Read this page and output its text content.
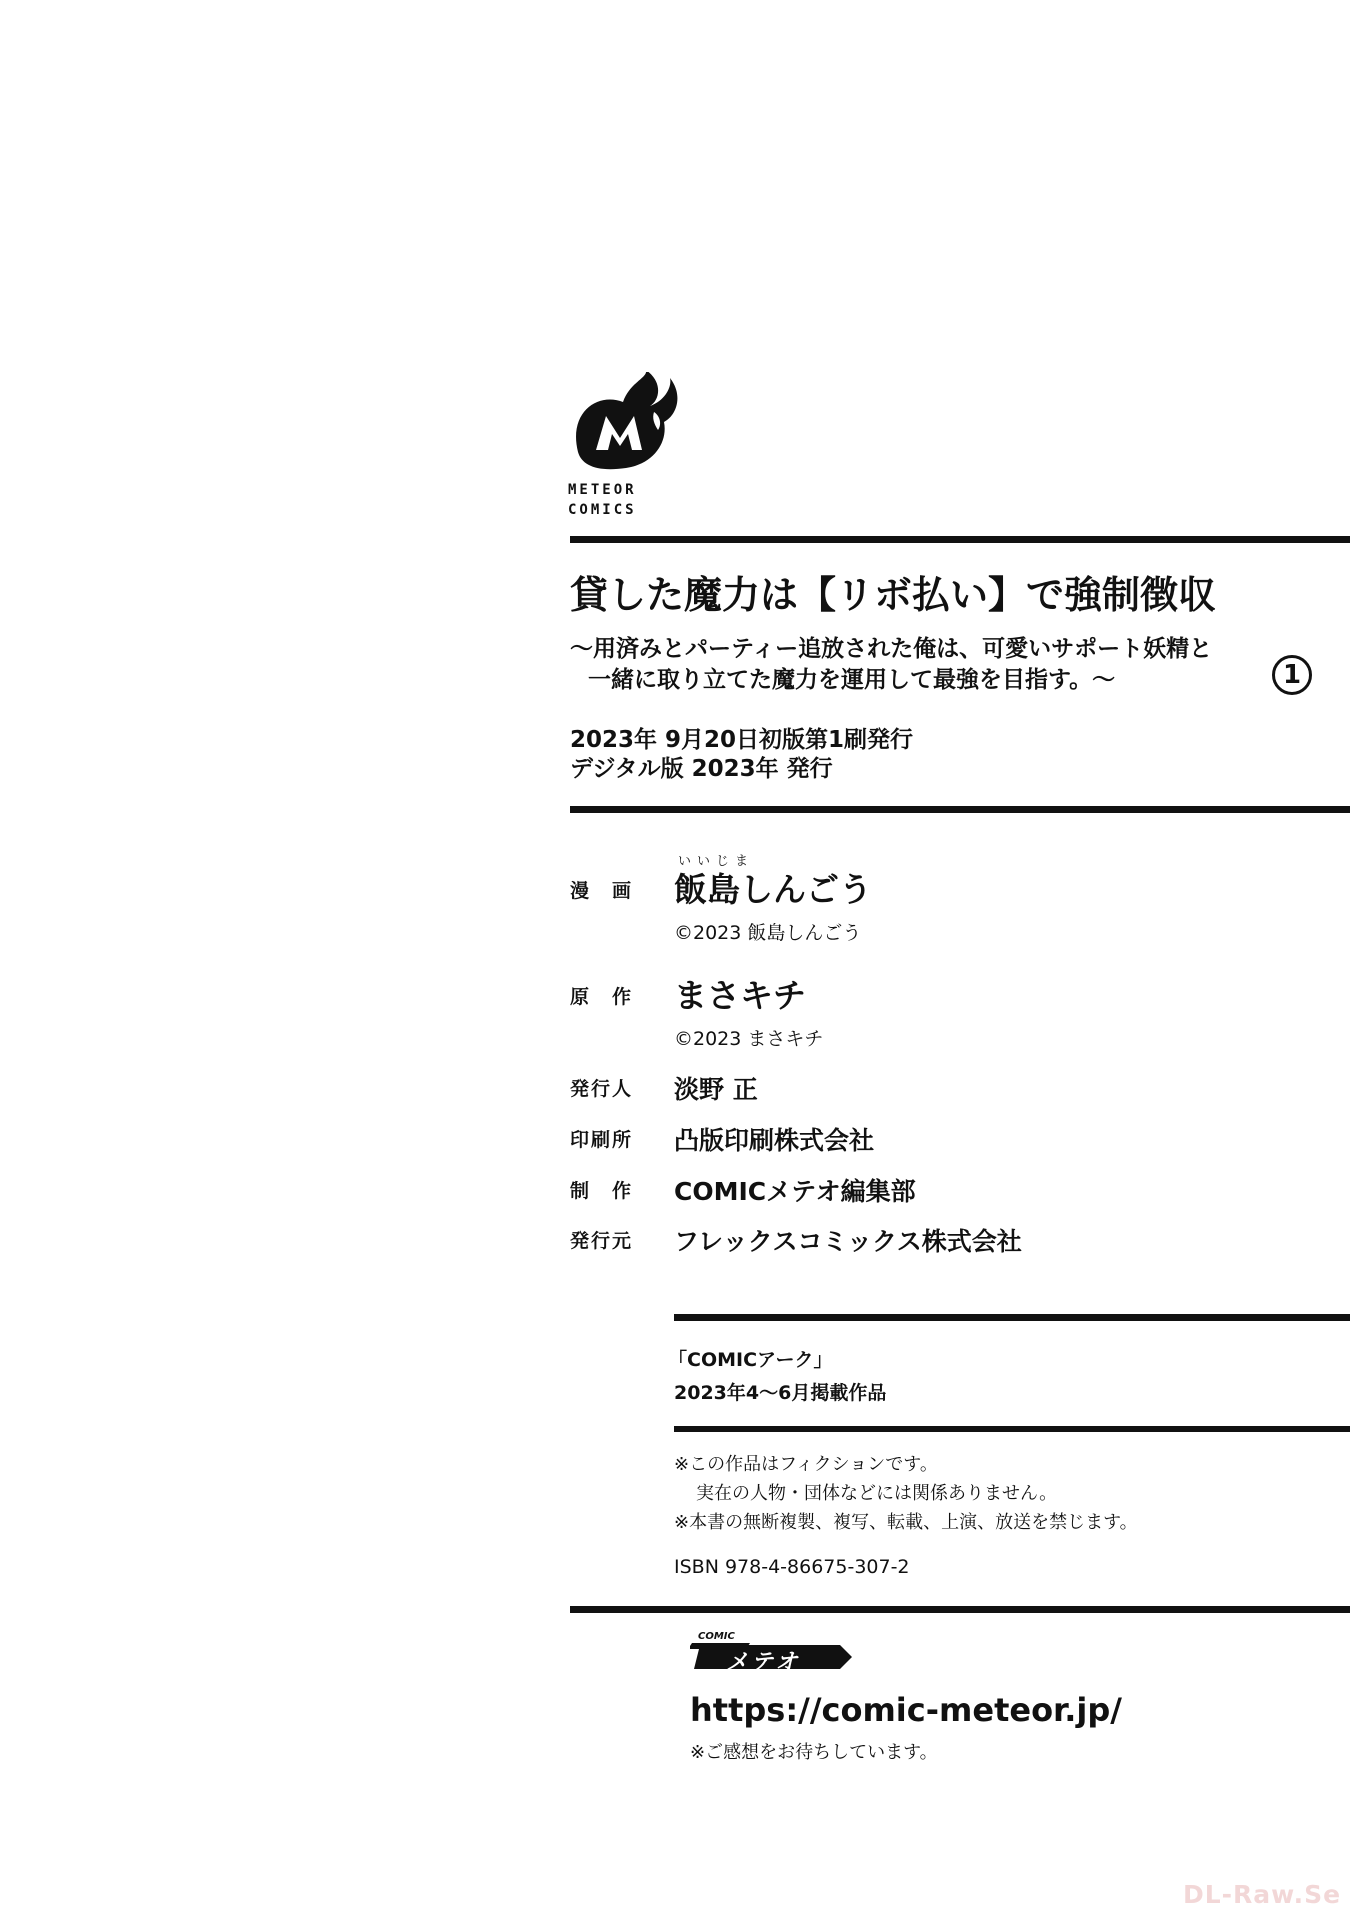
METEOR
COMICS
貸した魔力は【リボ払い】で強制徴収
～用済みとパーティー追放された俺は、可愛いサポート妖精と
一緒に取り立てた魔力を運用して最強を目指す。～	1
2023年 9月20日初版第1刷発行
デジタル版 2023年 発行
漫　画
いいじま
飯島しんごう
©2023 飯島しんごう
原　作 まさキチ
©2023 まさキチ
発行人 淡野 正
印刷所 凸版印刷株式会社
制　作 COMICメテオ編集部
発行元 フレックスコミックス株式会社
「COMICアーク」
2023年4～6月掲載作品
※この作品はフィクションです。
実在の人物・団体などには関係ありません。
※本書の無断複製、複写、転載、上演、放送を禁じます。
ISBN 978-4-86675-307-2
COMIC
メテオ
https://comic-meteor.jp/
※ご感想をお待ちしています。
DL-Raw.Se
